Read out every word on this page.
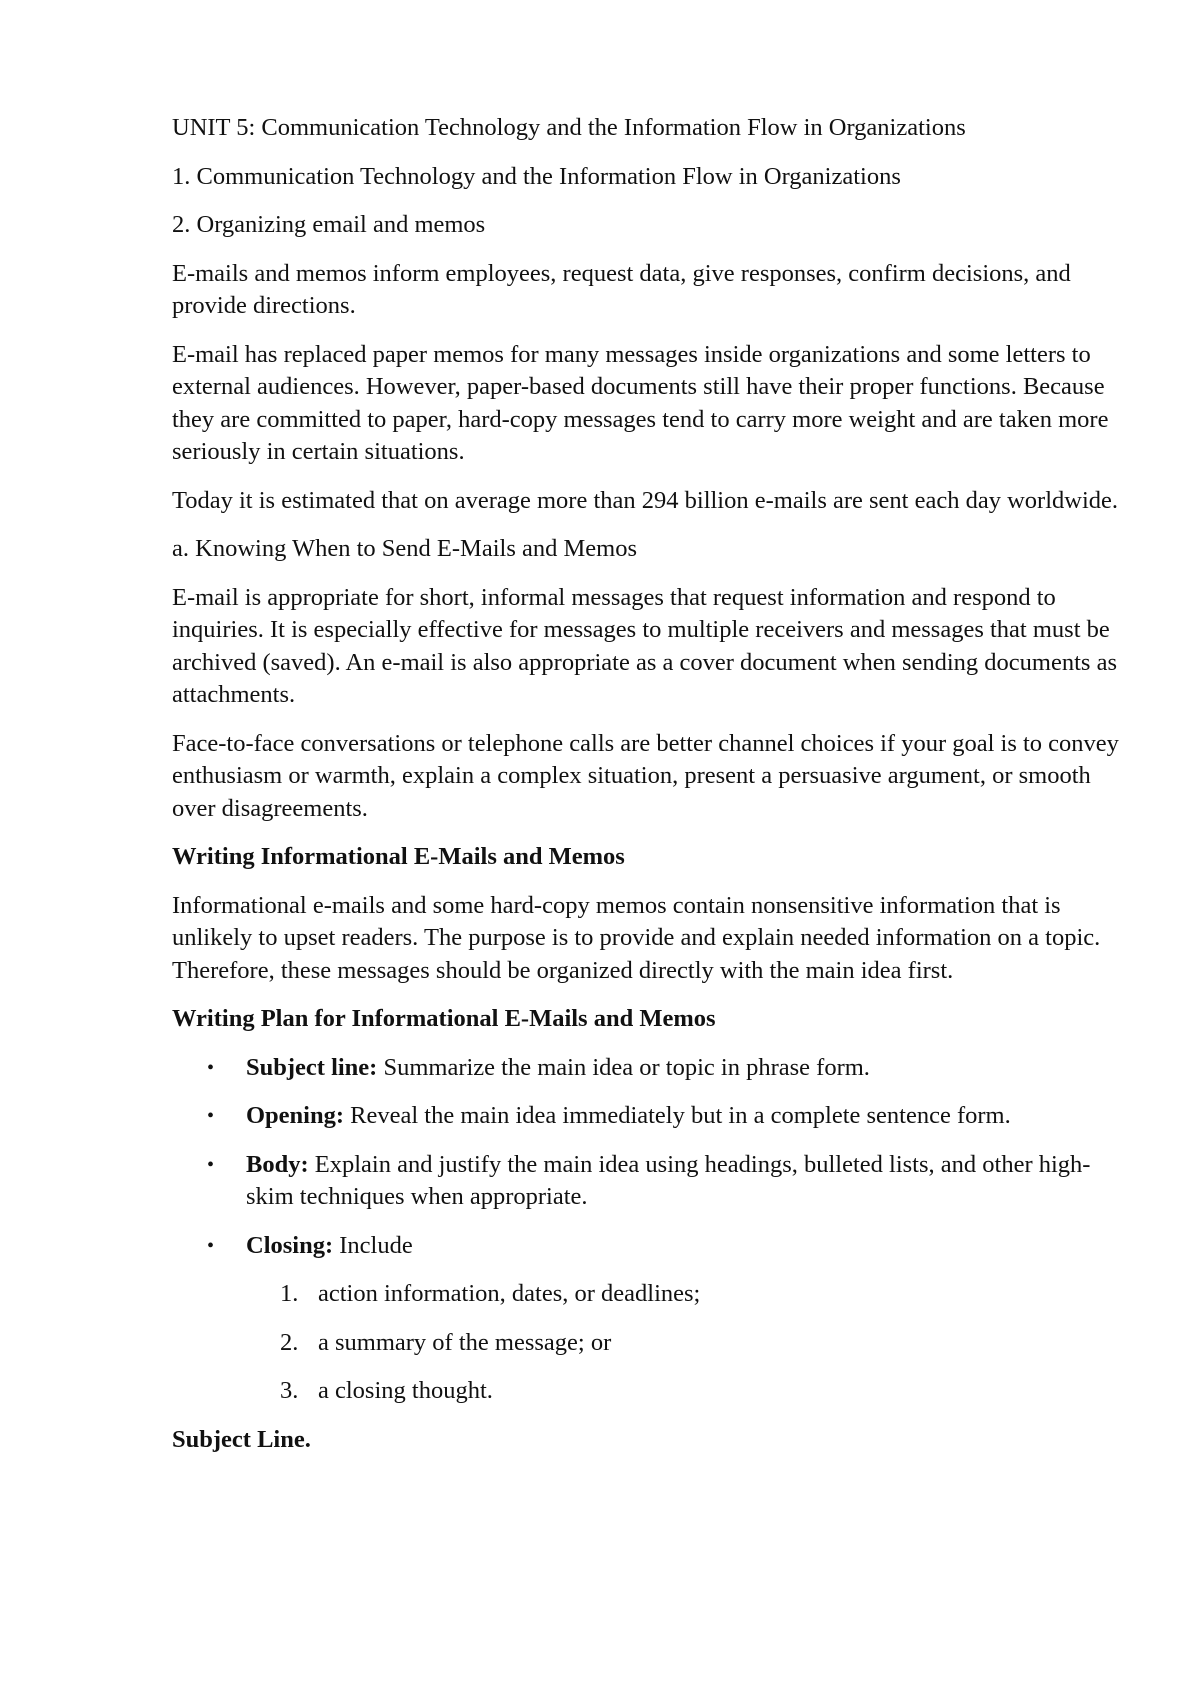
UNIT 5: Communication Technology and the Information Flow in Organizations

1. Communication Technology and the Information Flow in Organizations

2. Organizing email and memos

E-mails and memos inform employees, request data, give responses, confirm decisions, and provide directions.

E-mail has replaced paper memos for many messages inside organizations and some letters to external audiences. However, paper-based documents still have their proper functions. Because they are committed to paper, hard-copy messages tend to carry more weight and are taken more seriously in certain situations.

Today it is estimated that on average more than 294 billion e-mails are sent each day worldwide.

a. Knowing When to Send E-Mails and Memos

E-mail is appropriate for short, informal messages that request information and respond to inquiries. It is especially effective for messages to multiple receivers and messages that must be archived (saved). An e-mail is also appropriate as a cover document when sending documents as attachments.

Face-to-face conversations or telephone calls are better channel choices if your goal is to convey enthusiasm or warmth, explain a complex situation, present a persuasive argument, or smooth over disagreements.

Writing Informational E-Mails and Memos

Informational e-mails and some hard-copy memos contain nonsensitive information that is unlikely to upset readers. The purpose is to provide and explain needed information on a topic. Therefore, these messages should be organized directly with the main idea first.

Writing Plan for Informational E-Mails and Memos

• Subject line: Summarize the main idea or topic in phrase form.
• Opening: Reveal the main idea immediately but in a complete sentence form.
• Body: Explain and justify the main idea using headings, bulleted lists, and other high-skim techniques when appropriate.
• Closing: Include
1. action information, dates, or deadlines;
2. a summary of the message; or
3. a closing thought.

Subject Line.
